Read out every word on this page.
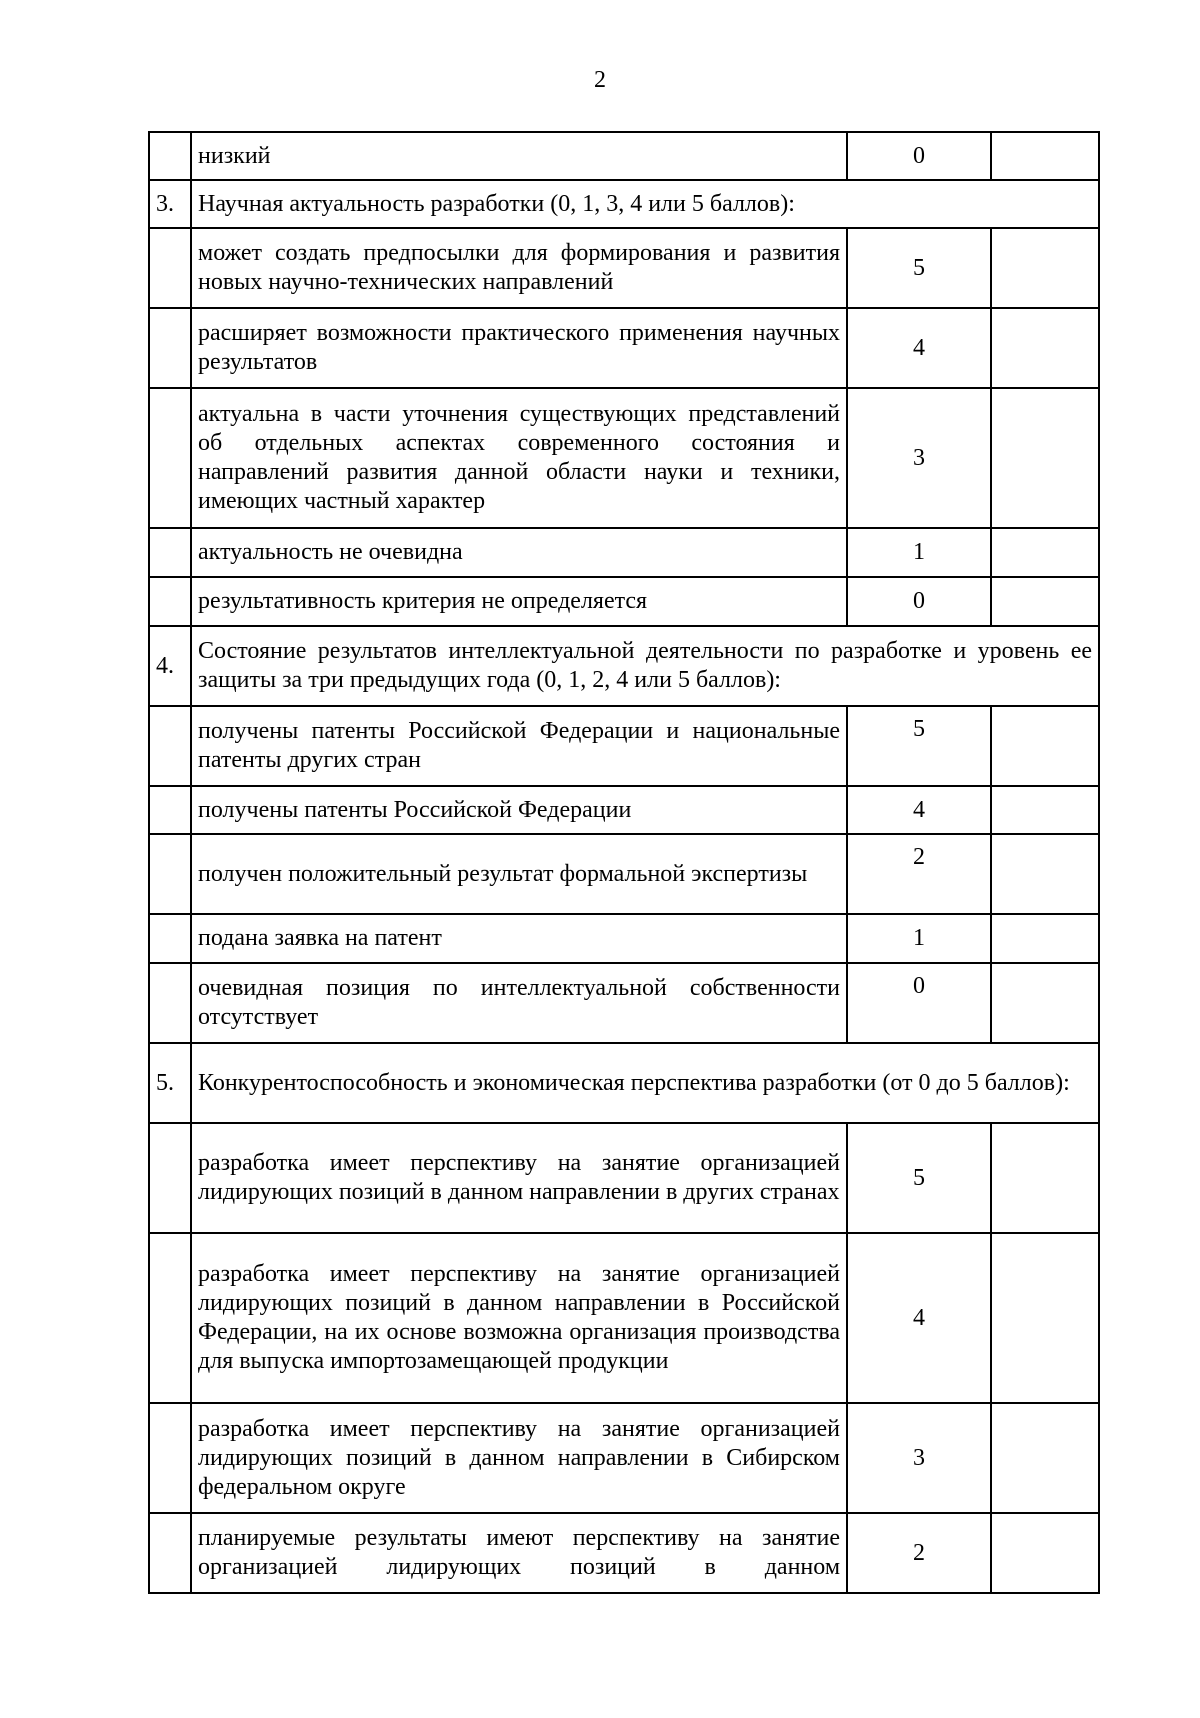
2
	низкий	0	
3.	Научная актуальность разработки (0, 1, 3, 4 или 5 баллов):		
	может создать предпосылки для формирования и развития новых научно-технических направлений	5	
	расширяет возможности практического применения научных результатов	4	
	актуальна в части уточнения существующих представлений об отдельных аспектах современного состояния и направлений развития данной области науки и техники, имеющих частный характер	3	
	актуальность не очевидна	1	
	результативность критерия не определяется	0	
4.	Состояние результатов интеллектуальной деятельности по разработке и уровень ее защиты за три предыдущих года (0, 1, 2, 4 или 5 баллов):		
	получены патенты Российской Федерации и национальные патенты других стран	5	
	получены патенты Российской Федерации	4	
	получен положительный результат формальной экспертизы	2	
	подана заявка на патент	1	
	очевидная позиция по интеллектуальной собственности отсутствует	0	
5.	Конкурентоспособность и экономическая перспектива разработки (от 0 до 5 баллов):		
	разработка имеет перспективу на занятие организацией лидирующих позиций в данном направлении в других странах	5	
	разработка имеет перспективу на занятие организацией лидирующих позиций в данном направлении в Российской Федерации, на их основе возможна организация производства для выпуска импортозамещающей продукции	4	
	разработка имеет перспективу на занятие организацией лидирующих позиций в данном направлении в Сибирском федеральном округе	3	
	планируемые результаты имеют перспективу на занятие организацией лидирующих позиций в данном	2	
